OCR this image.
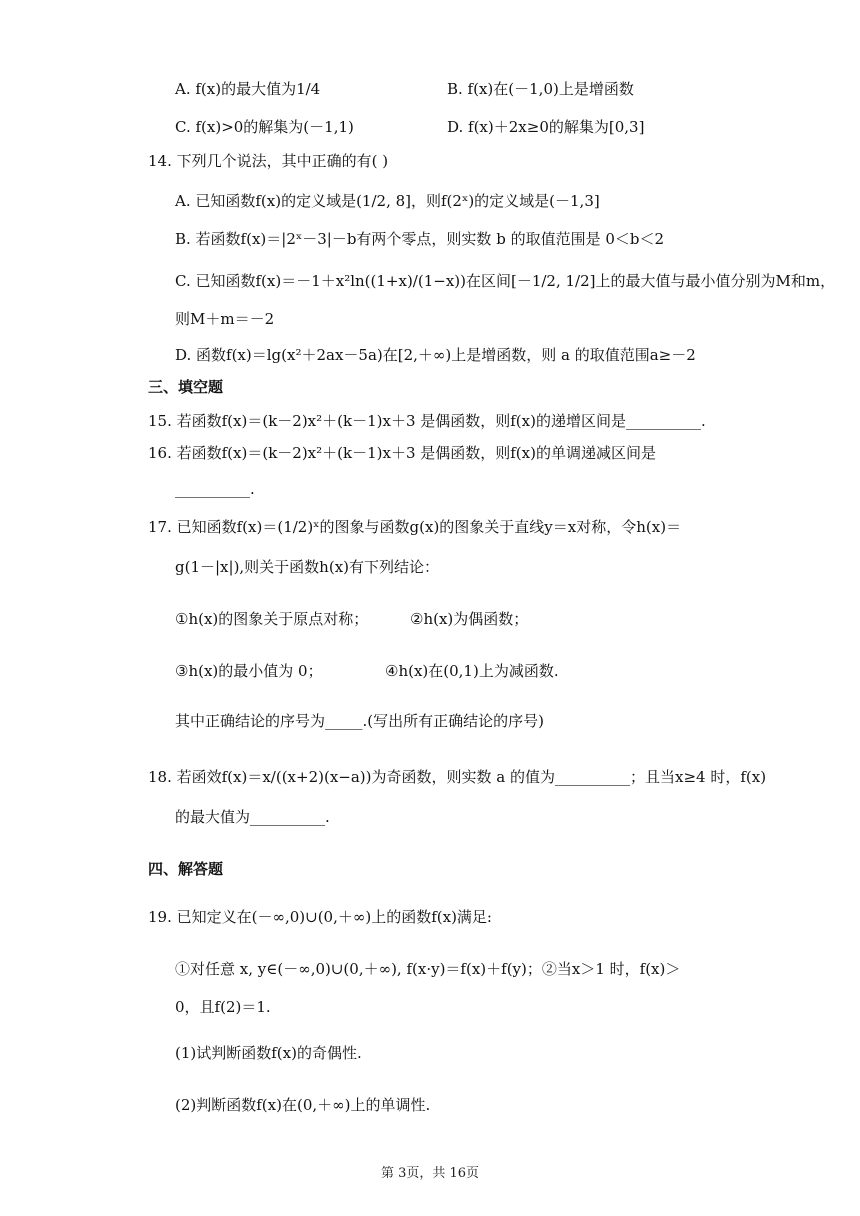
A. f(x)的最大值为1/4	B. f(x)在(－1,0)上是增函数
C. f(x)>0的解集为(－1,1)	D. f(x)＋2x≥0的解集为[0,3]
14. 下列几个说法，其中正确的有( )
A. 已知函数f(x)的定义域是(1/2, 8]，则f(2ˣ)的定义域是(－1,3]
B. 若函数f(x)＝|2ˣ－3|－b有两个零点，则实数 b 的取值范围是 0＜b＜2
C. 已知函数f(x)＝－1＋x²ln((1+x)/(1−x))在区间[－1/2, 1/2]上的最大值与最小值分别为M和m，
则M＋m＝－2
D. 函数f(x)＝lg(x²＋2ax－5a)在[2,＋∞)上是增函数，则 a 的取值范围a≥－2
三、填空题
15. 若函数f(x)＝(k－2)x²＋(k－1)x＋3 是偶函数，则f(x)的递增区间是__________.
16. 若函数f(x)＝(k－2)x²＋(k－1)x＋3 是偶函数，则f(x)的单调递减区间是
__________.
17. 已知函数f(x)＝(1/2)ˣ的图象与函数g(x)的图象关于直线y＝x对称，令h(x)＝
g(1－|x|),则关于函数h(x)有下列结论：
①h(x)的图象关于原点对称；	②h(x)为偶函数；
③h(x)的最小值为 0；	④h(x)在(0,1)上为减函数.
其中正确结论的序号为_____.(写出所有正确结论的序号)
18. 若函效f(x)＝x/((x+2)(x−a))为奇函数，则实数 a 的值为__________；且当x≥4 时，f(x)
的最大值为__________.
四、解答题
19. 已知定义在(－∞,0)∪(0,＋∞)上的函数f(x)满足:
①对任意 x, y∈(－∞,0)∪(0,＋∞), f(x·y)＝f(x)＋f(y)；②当x＞1 时，f(x)＞
0，且f(2)＝1.
(1)试判断函数f(x)的奇偶性.
(2)判断函数f(x)在(0,＋∞)上的单调性.
第 3页，共 16页
